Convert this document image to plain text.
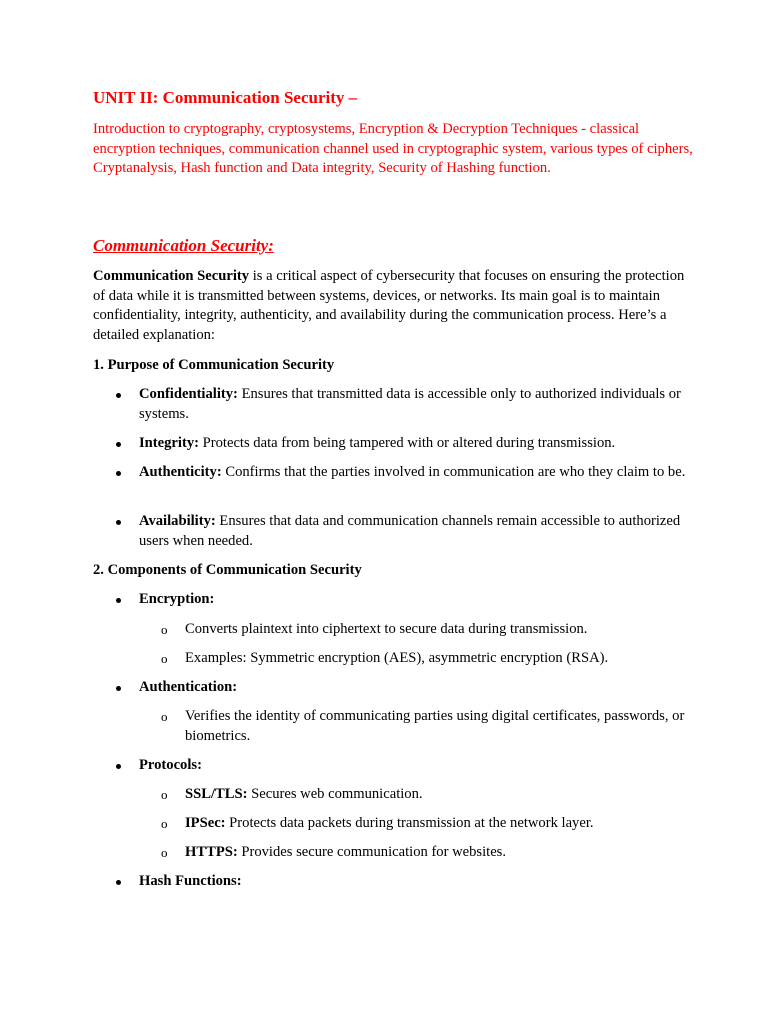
UNIT II: Communication Security –

Introduction to cryptography, cryptosystems, Encryption & Decryption Techniques - classical encryption techniques, communication channel used in cryptographic system, various types of ciphers, Cryptanalysis, Hash function and Data integrity, Security of Hashing function.

Communication Security:

Communication Security is a critical aspect of cybersecurity that focuses on ensuring the protection of data while it is transmitted between systems, devices, or networks. Its main goal is to maintain confidentiality, integrity, authenticity, and availability during the communication process. Here’s a detailed explanation:

1. Purpose of Communication Security

Confidentiality: Ensures that transmitted data is accessible only to authorized individuals or systems.

Integrity: Protects data from being tampered with or altered during transmission.

Authenticity: Confirms that the parties involved in communication are who they claim to be.

Availability: Ensures that data and communication channels remain accessible to authorized users when needed.

2. Components of Communication Security

Encryption:

o Converts plaintext into ciphertext to secure data during transmission.

o Examples: Symmetric encryption (AES), asymmetric encryption (RSA).

Authentication:

o Verifies the identity of communicating parties using digital certificates, passwords, or biometrics.

Protocols:

o SSL/TLS: Secures web communication.

o IPSec: Protects data packets during transmission at the network layer.

o HTTPS: Provides secure communication for websites.

Hash Functions:
